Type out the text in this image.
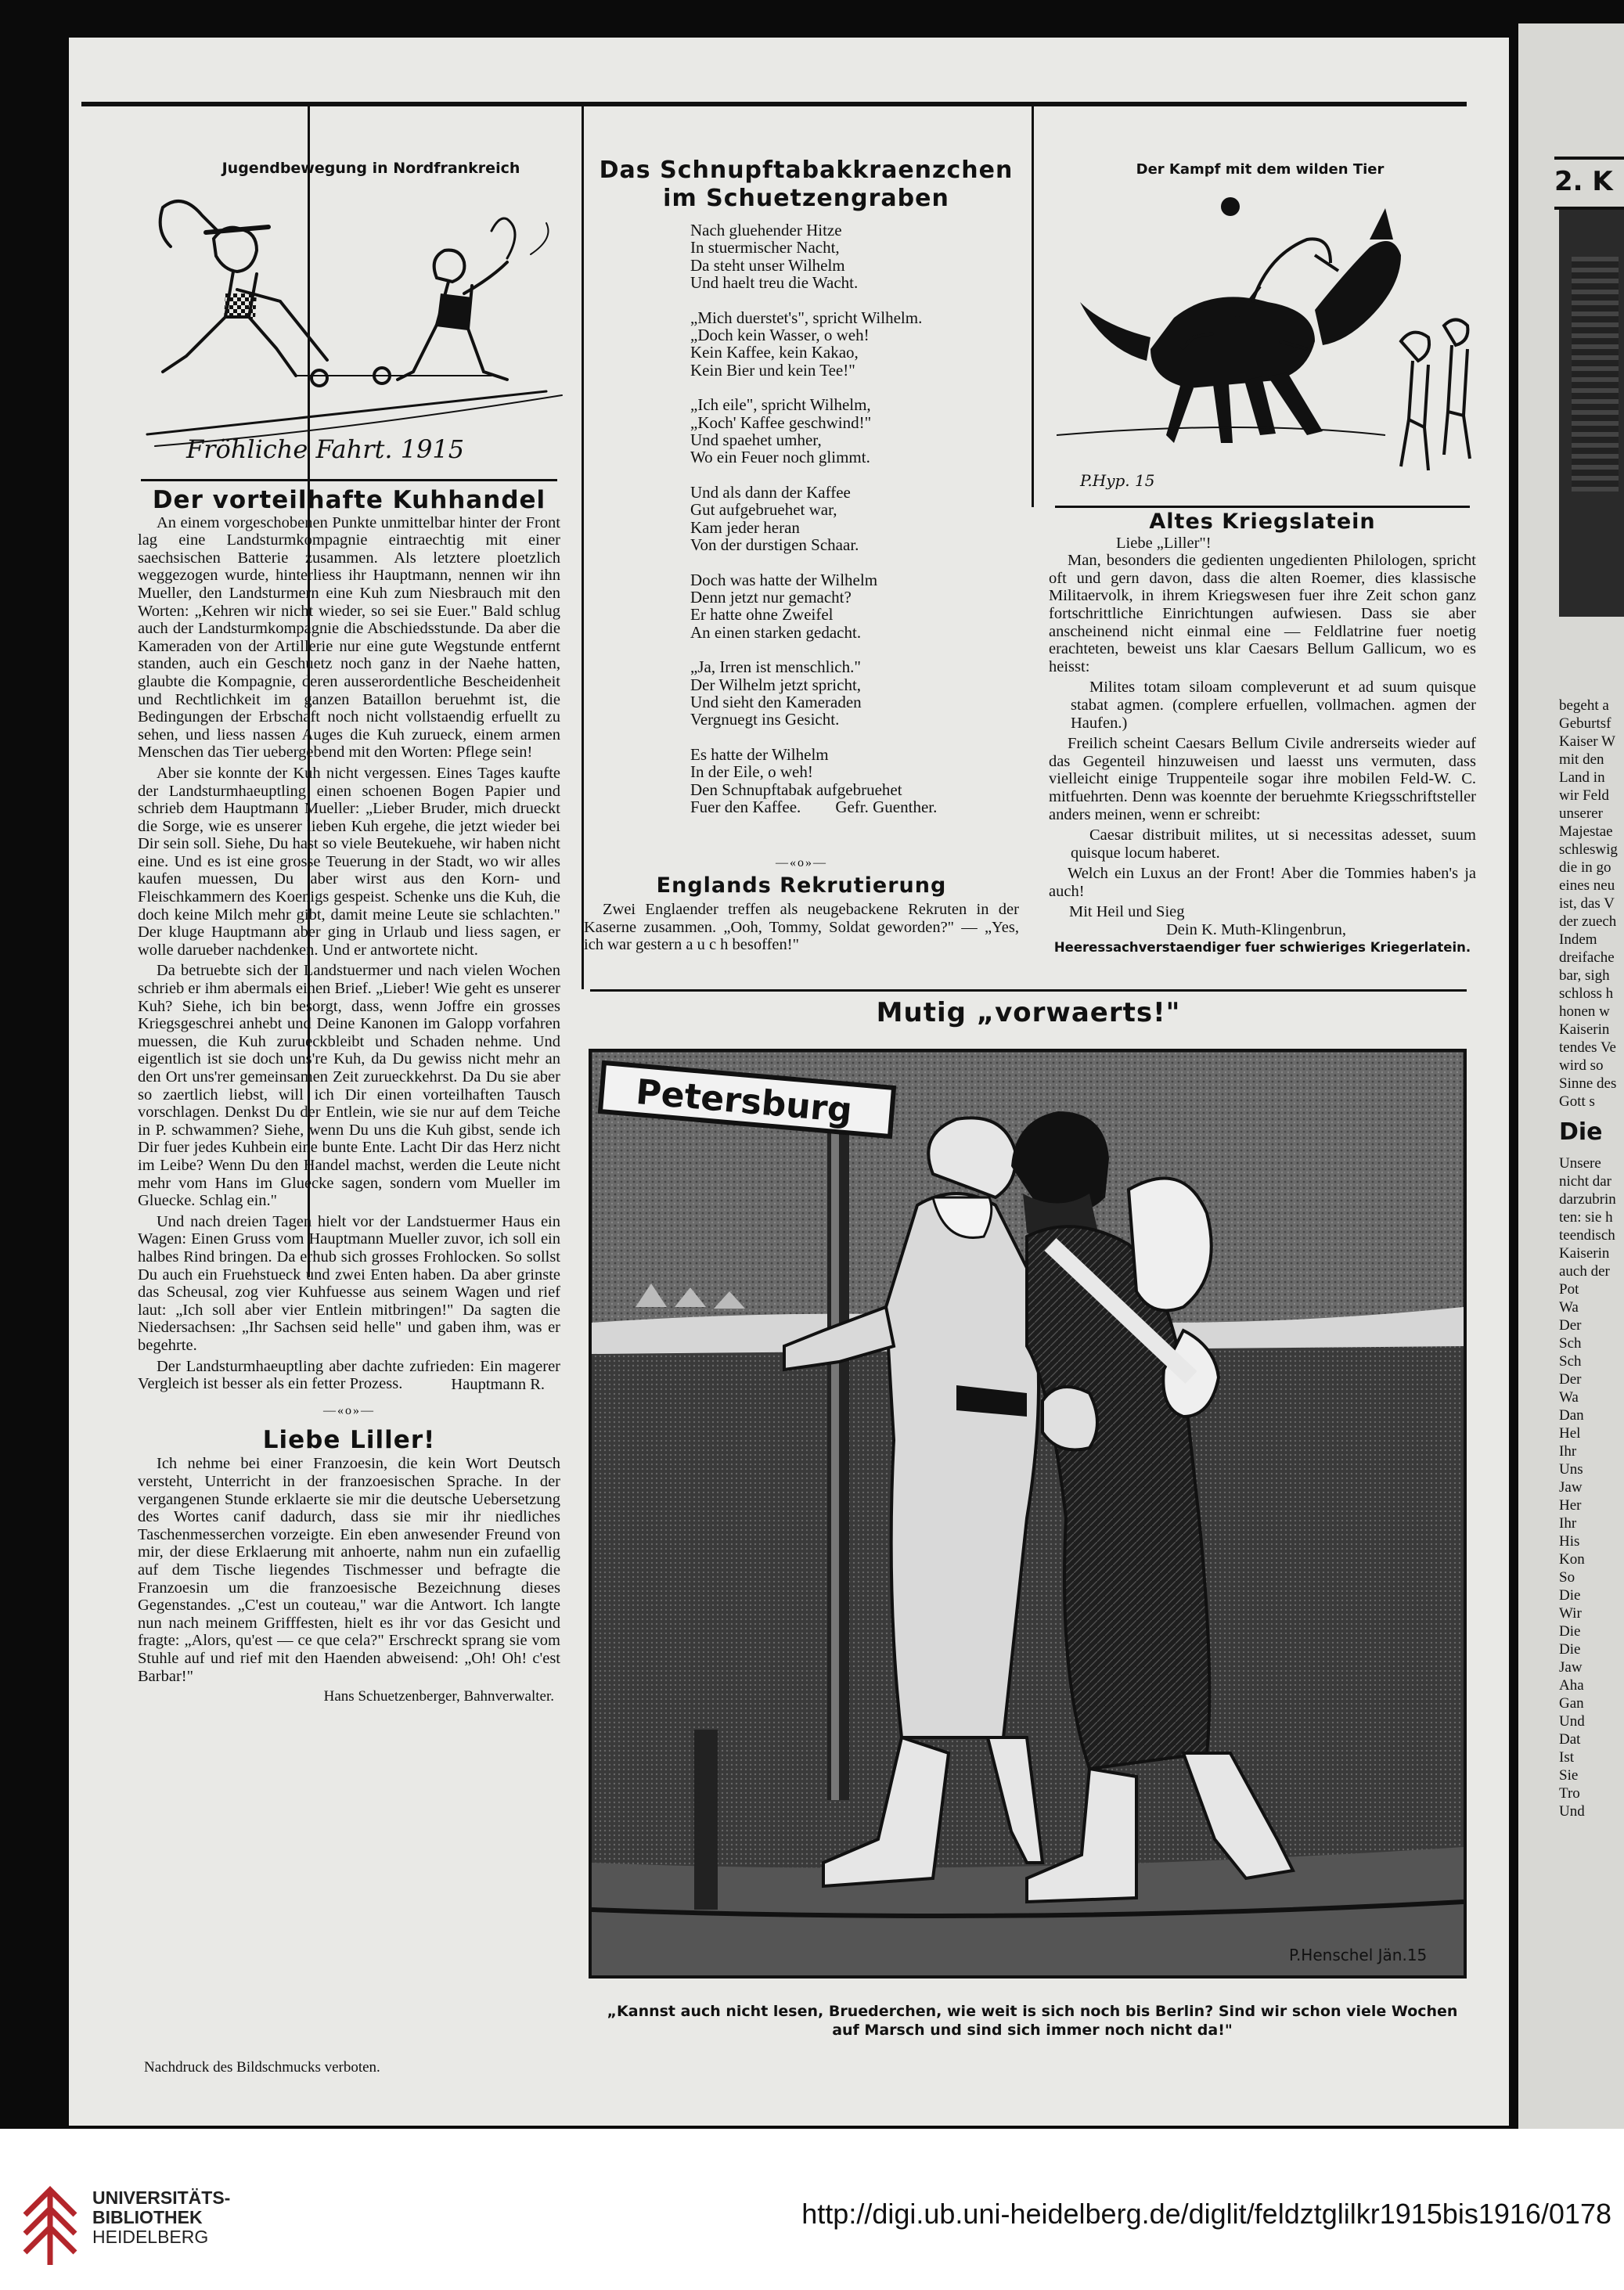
2. K
begeht a
Geburtsf
Kaiser W
mit den
Land in
wir Feld
unserer
Majestae
schleswig
die in go
eines neu
ist, das V
der zuech
Indem
dreifache
bar, sigh
schloss h
honen w
Kaiserin
tendes Ve
wird so
Sinne des
Gott s
Die
Unsere
nicht dar
darzubrin
ten: sie h
teendisch
Kaiserin
auch der
Pot
Wa
Der
Sch
Sch
Der
Wa
Dan
Hel
Ihr
Uns
Jaw
Her
Ihr
His
Kon
So
Die
Wir
Die
Die
Jaw
Aha
Gan
Und
Dat
Ist
Sie
Tro
Und
Jugendbewegung in Nordfrankreich
Fröhliche Fahrt. 1915
Der vorteilhafte Kuhhandel

An einem vorgeschobenen Punkte unmittelbar hinter der Front lag eine Landsturmkompagnie eintraechtig mit einer saechsischen Batterie zusammen. Als letztere ploetzlich weggezogen wurde, hinterliess ihr Hauptmann, nennen wir ihn Mueller, den Landsturmern eine Kuh zum Niesbrauch mit den Worten: „Kehren wir nicht wieder, so sei sie Euer." Bald schlug auch der Landsturmkompagnie die Abschiedsstunde. Da aber die Kameraden von der Artillerie nur eine gute Wegstunde entfernt standen, auch ein Geschuetz noch ganz in der Naehe hatten, glaubte die Kompagnie, deren ausserordentliche Bescheidenheit und Rechtlichkeit im ganzen Bataillon beruehmt ist, die Bedingungen der Erbschaft noch nicht vollstaendig erfuellt zu sehen, und liess nassen Auges die Kuh zurueck, einem armen Menschen das Tier uebergebend mit den Worten: Pflege sein!

Aber sie konnte der Kuh nicht vergessen. Eines Tages kaufte der Landsturmhaeuptling einen schoenen Bogen Papier und schrieb dem Hauptmann Mueller: „Lieber Bruder, mich drueckt die Sorge, wie es unserer lieben Kuh ergehe, die jetzt wieder bei Dir sein soll. Siehe, Du hast so viele Beutekuehe, wir haben nicht eine. Und es ist eine grosse Teuerung in der Stadt, wo wir alles kaufen muessen, Du aber wirst aus den Korn- und Fleischkammern des Koenigs gespeist. Schenke uns die Kuh, die doch keine Milch mehr gibt, damit meine Leute sie schlachten." Der kluge Hauptmann aber ging in Urlaub und liess sagen, er wolle darueber nachdenken. Und er antwortete nicht.

Da betruebte sich der Landstuermer und nach vielen Wochen schrieb er ihm abermals einen Brief. „Lieber! Wie geht es unserer Kuh? Siehe, ich bin besorgt, dass, wenn Joffre ein grosses Kriegsgeschrei anhebt und Deine Kanonen im Galopp vorfahren muessen, die Kuh zurueckbleibt und Schaden nehme. Und eigentlich ist sie doch uns're Kuh, da Du gewiss nicht mehr an den Ort uns'rer gemeinsamen Zeit zurueckkehrst. Da Du sie aber so zaertlich liebst, will ich Dir einen vorteilhaften Tausch vorschlagen. Denkst Du der Entlein, wie sie nur auf dem Teiche in P. schwammen? Siehe, wenn Du uns die Kuh gibst, sende ich Dir fuer jedes Kuhbein eine bunte Ente. Lacht Dir das Herz nicht im Leibe? Wenn Du den Handel machst, werden die Leute nicht mehr vom Hans im Gluecke sagen, sondern vom Mueller im Gluecke. Schlag ein."

Und nach dreien Tagen hielt vor der Landstuermer Haus ein Wagen: Einen Gruss vom Hauptmann Mueller zuvor, ich soll ein halbes Rind bringen. Da erhub sich grosses Frohlocken. So sollst Du auch ein Fruehstueck und zwei Enten haben. Da aber grinste das Scheusal, zog vier Kuhfuesse aus seinem Wagen und rief laut: „Ich soll aber vier Entlein mitbringen!" Da sagten die Niedersachsen: „Ihr Sachsen seid helle" und gaben ihm, was er begehrte.

Der Landsturmhaeuptling aber dachte zufrieden: Ein magerer Vergleich ist besser als ein fetter Prozess.	Hauptmann R.
—«o»—
Liebe Liller!

Ich nehme bei einer Franzoesin, die kein Wort Deutsch versteht, Unterricht in der franzoesischen Sprache. In der vergangenen Stunde erklaerte sie mir die deutsche Uebersetzung des Wortes canif dadurch, dass sie mir ihr niedliches Taschenmesserchen vorzeigte. Ein eben anwesender Freund von mir, der diese Erklaerung mit anhoerte, nahm nun ein zufaellig auf dem Tische liegendes Tischmesser und befragte die Franzoesin um die franzoesische Bezeichnung dieses Gegenstandes. „C'est un couteau," war die Antwort. Ich langte nun nach meinem Grifffesten, hielt es ihr vor das Gesicht und fragte: „Alors, qu'est — ce que cela?" Erschreckt sprang sie vom Stuhle auf und rief mit den Haenden abweisend: „Oh! Oh! c'est Barbar!"

Hans Schuetzenberger, Bahnverwalter.
Nachdruck des Bildschmucks verboten.
Das Schnupftabakkraenzchen
im Schuetzengraben
Nach gluehender Hitze
In stuermischer Nacht,
Da steht unser Wilhelm
Und haelt treu die Wacht.
„Mich duerstet's", spricht Wilhelm.
„Doch kein Wasser, o weh!
Kein Kaffee, kein Kakao,
Kein Bier und kein Tee!"
„Ich eile", spricht Wilhelm,
„Koch' Kaffee geschwind!"
Und spaehet umher,
Wo ein Feuer noch glimmt.
Und als dann der Kaffee
Gut aufgebruehet war,
Kam jeder heran
Von der durstigen Schaar.
Doch was hatte der Wilhelm
Denn jetzt nur gemacht?
Er hatte ohne Zweifel
An einen starken gedacht.
„Ja, Irren ist menschlich."
Der Wilhelm jetzt spricht,
Und sieht den Kameraden
Vergnuegt ins Gesicht.
Es hatte der Wilhelm
In der Eile, o weh!
Den Schnupftabak aufgebruehet
Fuer den Kaffee. Gefr. Guenther.
—«o»—
Englands Rekrutierung

Zwei Englaender treffen als neugebackene Rekruten in der Kaserne zusammen. „Ooh, Tommy, Soldat geworden?" — „Yes, ich war gestern a u c h besoffen!"

Der Kampf mit dem wilden Tier
P.Hyp. 15
Altes Kriegslatein
Liebe „Liller"!

Man, besonders die gedienten ungedienten Philologen, spricht oft und gern davon, dass die alten Roemer, dies klassische Militaervolk, in ihrem Kriegswesen fuer ihre Zeit schon ganz fortschrittliche Einrichtungen aufwiesen. Dass sie aber anscheinend nicht einmal eine — Feldlatrine fuer noetig erachteten, beweist uns klar Caesars Bellum Gallicum, wo es heisst:

Milites totam siloam compleverunt et ad suum quisque stabat agmen. (complere erfuellen, vollmachen. agmen der Haufen.)

Freilich scheint Caesars Bellum Civile andrerseits wieder auf das Gegenteil hinzuweisen und laesst uns vermuten, dass vielleicht einige Truppenteile sogar ihre mobilen Feld-W. C. mitfuehrten. Denn was koennte der beruehmte Kriegsschriftsteller anders meinen, wenn er schreibt:

Caesar distribuit milites, ut si necessitas adesset, suum quisque locum haberet.

Welch ein Luxus an der Front! Aber die Tommies haben's ja auch!

Mit Heil und Sieg
Dein K. Muth-Klingenbrun,
Heeressachverstaendiger fuer schwieriges Kriegerlatein.
Mutig „vorwaerts!"
Petersburg
P.Henschel Jän.15
„Kannst auch nicht lesen, Bruederchen, wie weit is sich noch bis Berlin? Sind wir schon viele Wochen auf Marsch und sind sich immer noch nicht da!"
UNIVERSITÄTS-
BIBLIOTHEK
HEIDELBERG
http://digi.ub.uni-heidelberg.de/diglit/feldztglilkr1915bis1916/0178
